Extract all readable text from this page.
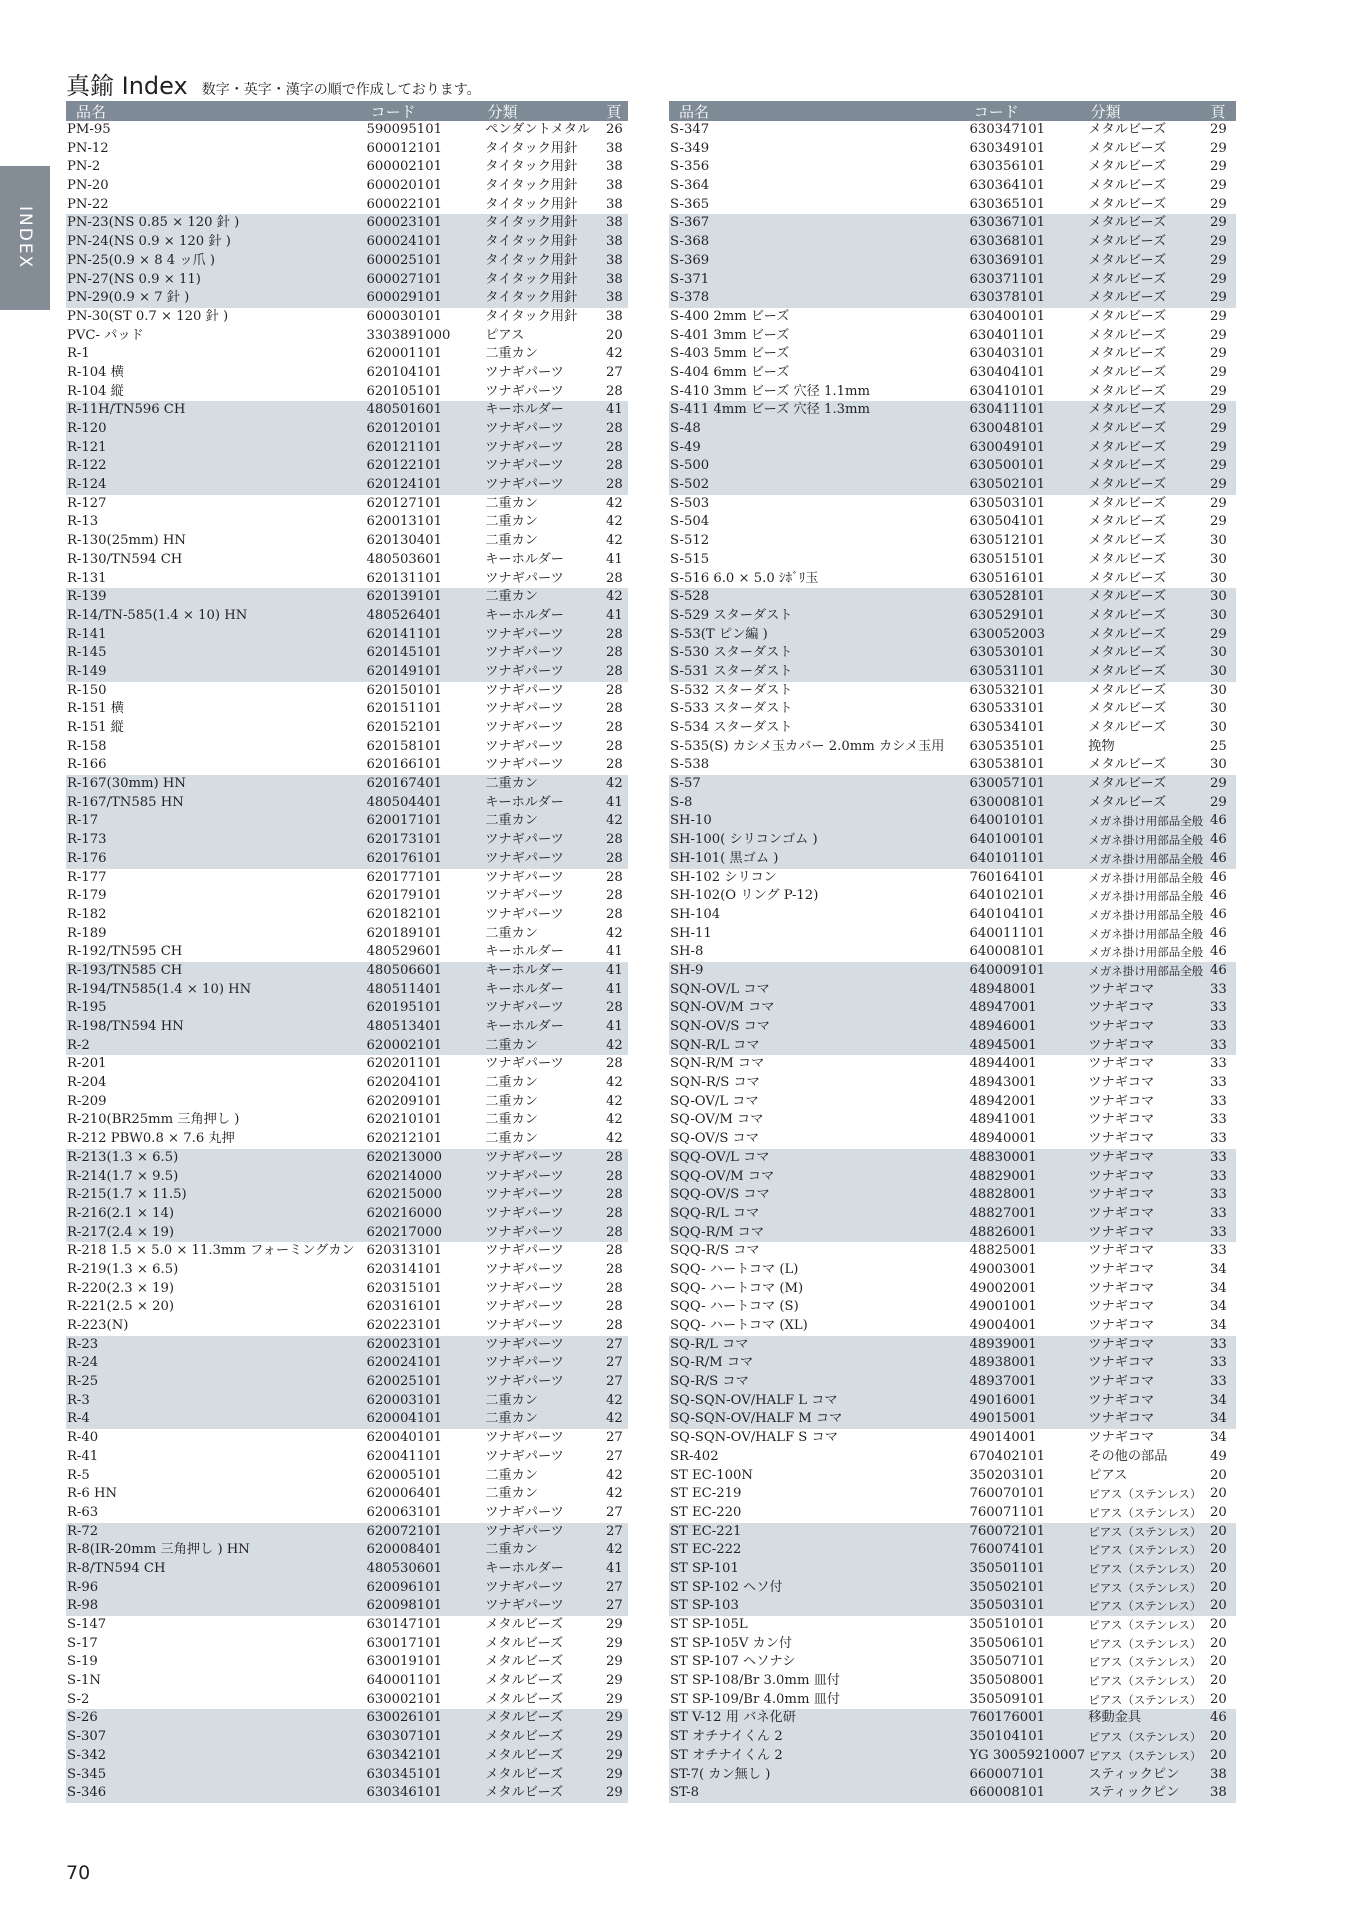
INDEX
真鍮 Index 数字・英字・漢字の順で作成しております。
品名	コード	分類	頁
PM-95	590095101	ペンダントメタル	26
PN-12	600012101	タイタック用針	38
PN-2	600002101	タイタック用針	38
PN-20	600020101	タイタック用針	38
PN-22	600022101	タイタック用針	38
PN-23(NS 0.85 × 120 針 )	600023101	タイタック用針	38
PN-24(NS 0.9 × 120 針 )	600024101	タイタック用針	38
PN-25(0.9 × 8 4 ッ爪 )	600025101	タイタック用針	38
PN-27(NS 0.9 × 11)	600027101	タイタック用針	38
PN-29(0.9 × 7 針 )	600029101	タイタック用針	38
PN-30(ST 0.7 × 120 針 )	600030101	タイタック用針	38
PVC- パッド	3303891000	ピアス	20
R-1	620001101	二重カン	42
R-104 横	620104101	ツナギパーツ	27
R-104 縦	620105101	ツナギパーツ	28
R-11H/TN596 CH	480501601	キーホルダー	41
R-120	620120101	ツナギパーツ	28
R-121	620121101	ツナギパーツ	28
R-122	620122101	ツナギパーツ	28
R-124	620124101	ツナギパーツ	28
R-127	620127101	二重カン	42
R-13	620013101	二重カン	42
R-130(25mm) HN	620130401	二重カン	42
R-130/TN594 CH	480503601	キーホルダー	41
R-131	620131101	ツナギパーツ	28
R-139	620139101	二重カン	42
R-14/TN-585(1.4 × 10) HN	480526401	キーホルダー	41
R-141	620141101	ツナギパーツ	28
R-145	620145101	ツナギパーツ	28
R-149	620149101	ツナギパーツ	28
R-150	620150101	ツナギパーツ	28
R-151 横	620151101	ツナギパーツ	28
R-151 縦	620152101	ツナギパーツ	28
R-158	620158101	ツナギパーツ	28
R-166	620166101	ツナギパーツ	28
R-167(30mm) HN	620167401	二重カン	42
R-167/TN585 HN	480504401	キーホルダー	41
R-17	620017101	二重カン	42
R-173	620173101	ツナギパーツ	28
R-176	620176101	ツナギパーツ	28
R-177	620177101	ツナギパーツ	28
R-179	620179101	ツナギパーツ	28
R-182	620182101	ツナギパーツ	28
R-189	620189101	二重カン	42
R-192/TN595 CH	480529601	キーホルダー	41
R-193/TN585 CH	480506601	キーホルダー	41
R-194/TN585(1.4 × 10) HN	480511401	キーホルダー	41
R-195	620195101	ツナギパーツ	28
R-198/TN594 HN	480513401	キーホルダー	41
R-2	620002101	二重カン	42
R-201	620201101	ツナギパーツ	28
R-204	620204101	二重カン	42
R-209	620209101	二重カン	42
R-210(BR25mm 三角押し )	620210101	二重カン	42
R-212 PBW0.8 × 7.6 丸押	620212101	二重カン	42
R-213(1.3 × 6.5)	620213000	ツナギパーツ	28
R-214(1.7 × 9.5)	620214000	ツナギパーツ	28
R-215(1.7 × 11.5)	620215000	ツナギパーツ	28
R-216(2.1 × 14)	620216000	ツナギパーツ	28
R-217(2.4 × 19)	620217000	ツナギパーツ	28
R-218 1.5 × 5.0 × 11.3mm フォーミングカン 620313101	ツナギパーツ	28
R-219(1.3 × 6.5)	620314101	ツナギパーツ	28
R-220(2.3 × 19)	620315101	ツナギパーツ	28
R-221(2.5 × 20)	620316101	ツナギパーツ	28
R-223(N)	620223101	ツナギパーツ	28
R-23	620023101	ツナギパーツ	27
R-24	620024101	ツナギパーツ	27
R-25	620025101	ツナギパーツ	27
R-3	620003101	二重カン	42
R-4	620004101	二重カン	42
R-40	620040101	ツナギパーツ	27
R-41	620041101	ツナギパーツ	27
R-5	620005101	二重カン	42
R-6 HN	620006401	二重カン	42
R-63	620063101	ツナギパーツ	27
R-72	620072101	ツナギパーツ	27
R-8(IR-20mm 三角押し ) HN	620008401	二重カン	42
R-8/TN594 CH	480530601	キーホルダー	41
R-96	620096101	ツナギパーツ	27
R-98	620098101	ツナギパーツ	27
S-147	630147101	メタルビーズ	29
S-17	630017101	メタルビーズ	29
S-19	630019101	メタルビーズ	29
S-1N	640001101	メタルビーズ	29
S-2	630002101	メタルビーズ	29
S-26	630026101	メタルビーズ	29
S-307	630307101	メタルビーズ	29
S-342	630342101	メタルビーズ	29
S-345	630345101	メタルビーズ	29
S-346	630346101	メタルビーズ	29
品名	コード	分類	頁
S-347	630347101	メタルビーズ	29
S-349	630349101	メタルビーズ	29
S-356	630356101	メタルビーズ	29
S-364	630364101	メタルビーズ	29
S-365	630365101	メタルビーズ	29
S-367	630367101	メタルビーズ	29
S-368	630368101	メタルビーズ	29
S-369	630369101	メタルビーズ	29
S-371	630371101	メタルビーズ	29
S-378	630378101	メタルビーズ	29
S-400 2mm ビーズ	630400101	メタルビーズ	29
S-401 3mm ビーズ	630401101	メタルビーズ	29
S-403 5mm ビーズ	630403101	メタルビーズ	29
S-404 6mm ビーズ	630404101	メタルビーズ	29
S-410 3mm ビーズ 穴径 1.1mm	630410101	メタルビーズ	29
S-411 4mm ビーズ 穴径 1.3mm	630411101	メタルビーズ	29
S-48	630048101	メタルビーズ	29
S-49	630049101	メタルビーズ	29
S-500	630500101	メタルビーズ	29
S-502	630502101	メタルビーズ	29
S-503	630503101	メタルビーズ	29
S-504	630504101	メタルビーズ	29
S-512	630512101	メタルビーズ	30
S-515	630515101	メタルビーズ	30
S-516 6.0 × 5.0 ｼﾎﾞﾘ玉	630516101	メタルビーズ	30
S-528	630528101	メタルビーズ	30
S-529 スターダスト	630529101	メタルビーズ	30
S-53(T ピン編 )	630052003	メタルビーズ	29
S-530 スターダスト	630530101	メタルビーズ	30
S-531 スターダスト	630531101	メタルビーズ	30
S-532 スターダスト	630532101	メタルビーズ	30
S-533 スターダスト	630533101	メタルビーズ	30
S-534 スターダスト	630534101	メタルビーズ	30
S-535(S) カシメ玉カバー 2.0mm カシメ玉用	630535101	挽物	25
S-538	630538101	メタルビーズ	30
S-57	630057101	メタルビーズ	29
S-8	630008101	メタルビーズ	29
SH-10	640010101	メガネ掛け用部品全般 46
SH-100( シリコンゴム )	640100101	メガネ掛け用部品全般 46
SH-101( 黒ゴム )	640101101	メガネ掛け用部品全般 46
SH-102 シリコン	760164101	メガネ掛け用部品全般 46
SH-102(O リング P-12)	640102101	メガネ掛け用部品全般 46
SH-104	640104101	メガネ掛け用部品全般 46
SH-11	640011101	メガネ掛け用部品全般 46
SH-8	640008101	メガネ掛け用部品全般 46
SH-9	640009101	メガネ掛け用部品全般 46
SQN-OV/L コマ	48948001	ツナギコマ	33
SQN-OV/M コマ	48947001	ツナギコマ	33
SQN-OV/S コマ	48946001	ツナギコマ	33
SQN-R/L コマ	48945001	ツナギコマ	33
SQN-R/M コマ	48944001	ツナギコマ	33
SQN-R/S コマ	48943001	ツナギコマ	33
SQ-OV/L コマ	48942001	ツナギコマ	33
SQ-OV/M コマ	48941001	ツナギコマ	33
SQ-OV/S コマ	48940001	ツナギコマ	33
SQQ-OV/L コマ	48830001	ツナギコマ	33
SQQ-OV/M コマ	48829001	ツナギコマ	33
SQQ-OV/S コマ	48828001	ツナギコマ	33
SQQ-R/L コマ	48827001	ツナギコマ	33
SQQ-R/M コマ	48826001	ツナギコマ	33
SQQ-R/S コマ	48825001	ツナギコマ	33
SQQ- ハートコマ (L)	49003001	ツナギコマ	34
SQQ- ハートコマ (M)	49002001	ツナギコマ	34
SQQ- ハートコマ (S)	49001001	ツナギコマ	34
SQQ- ハートコマ (XL)	49004001	ツナギコマ	34
SQ-R/L コマ	48939001	ツナギコマ	33
SQ-R/M コマ	48938001	ツナギコマ	33
SQ-R/S コマ	48937001	ツナギコマ	33
SQ-SQN-OV/HALF L コマ	49016001	ツナギコマ	34
SQ-SQN-OV/HALF M コマ	49015001	ツナギコマ	34
SQ-SQN-OV/HALF S コマ	49014001	ツナギコマ	34
SR-402	670402101	その他の部品	49
ST EC-100N	350203101	ピアス	20
ST EC-219	760070101	ピアス（ステンレス） 20
ST EC-220	760071101	ピアス（ステンレス） 20
ST EC-221	760072101	ピアス（ステンレス） 20
ST EC-222	760074101	ピアス（ステンレス） 20
ST SP-101	350501101	ピアス（ステンレス） 20
ST SP-102 ヘソ付	350502101	ピアス（ステンレス） 20
ST SP-103	350503101	ピアス（ステンレス） 20
ST SP-105L	350510101	ピアス（ステンレス） 20
ST SP-105V カン付	350506101	ピアス（ステンレス） 20
ST SP-107 ヘソナシ	350507101	ピアス（ステンレス） 20
ST SP-108/Br 3.0mm 皿付	350508001	ピアス（ステンレス） 20
ST SP-109/Br 4.0mm 皿付	350509101	ピアス（ステンレス） 20
ST V-12 用 バネ化研	760176001	移動金具	46
ST オチナイくん 2	350104101	ピアス（ステンレス） 20
ST オチナイくん 2	YG 30059210007 ピアス（ステンレス） 20
ST-7( カン無し )	660007101	スティックピン	38
ST-8	660008101	スティックピン	38
70
